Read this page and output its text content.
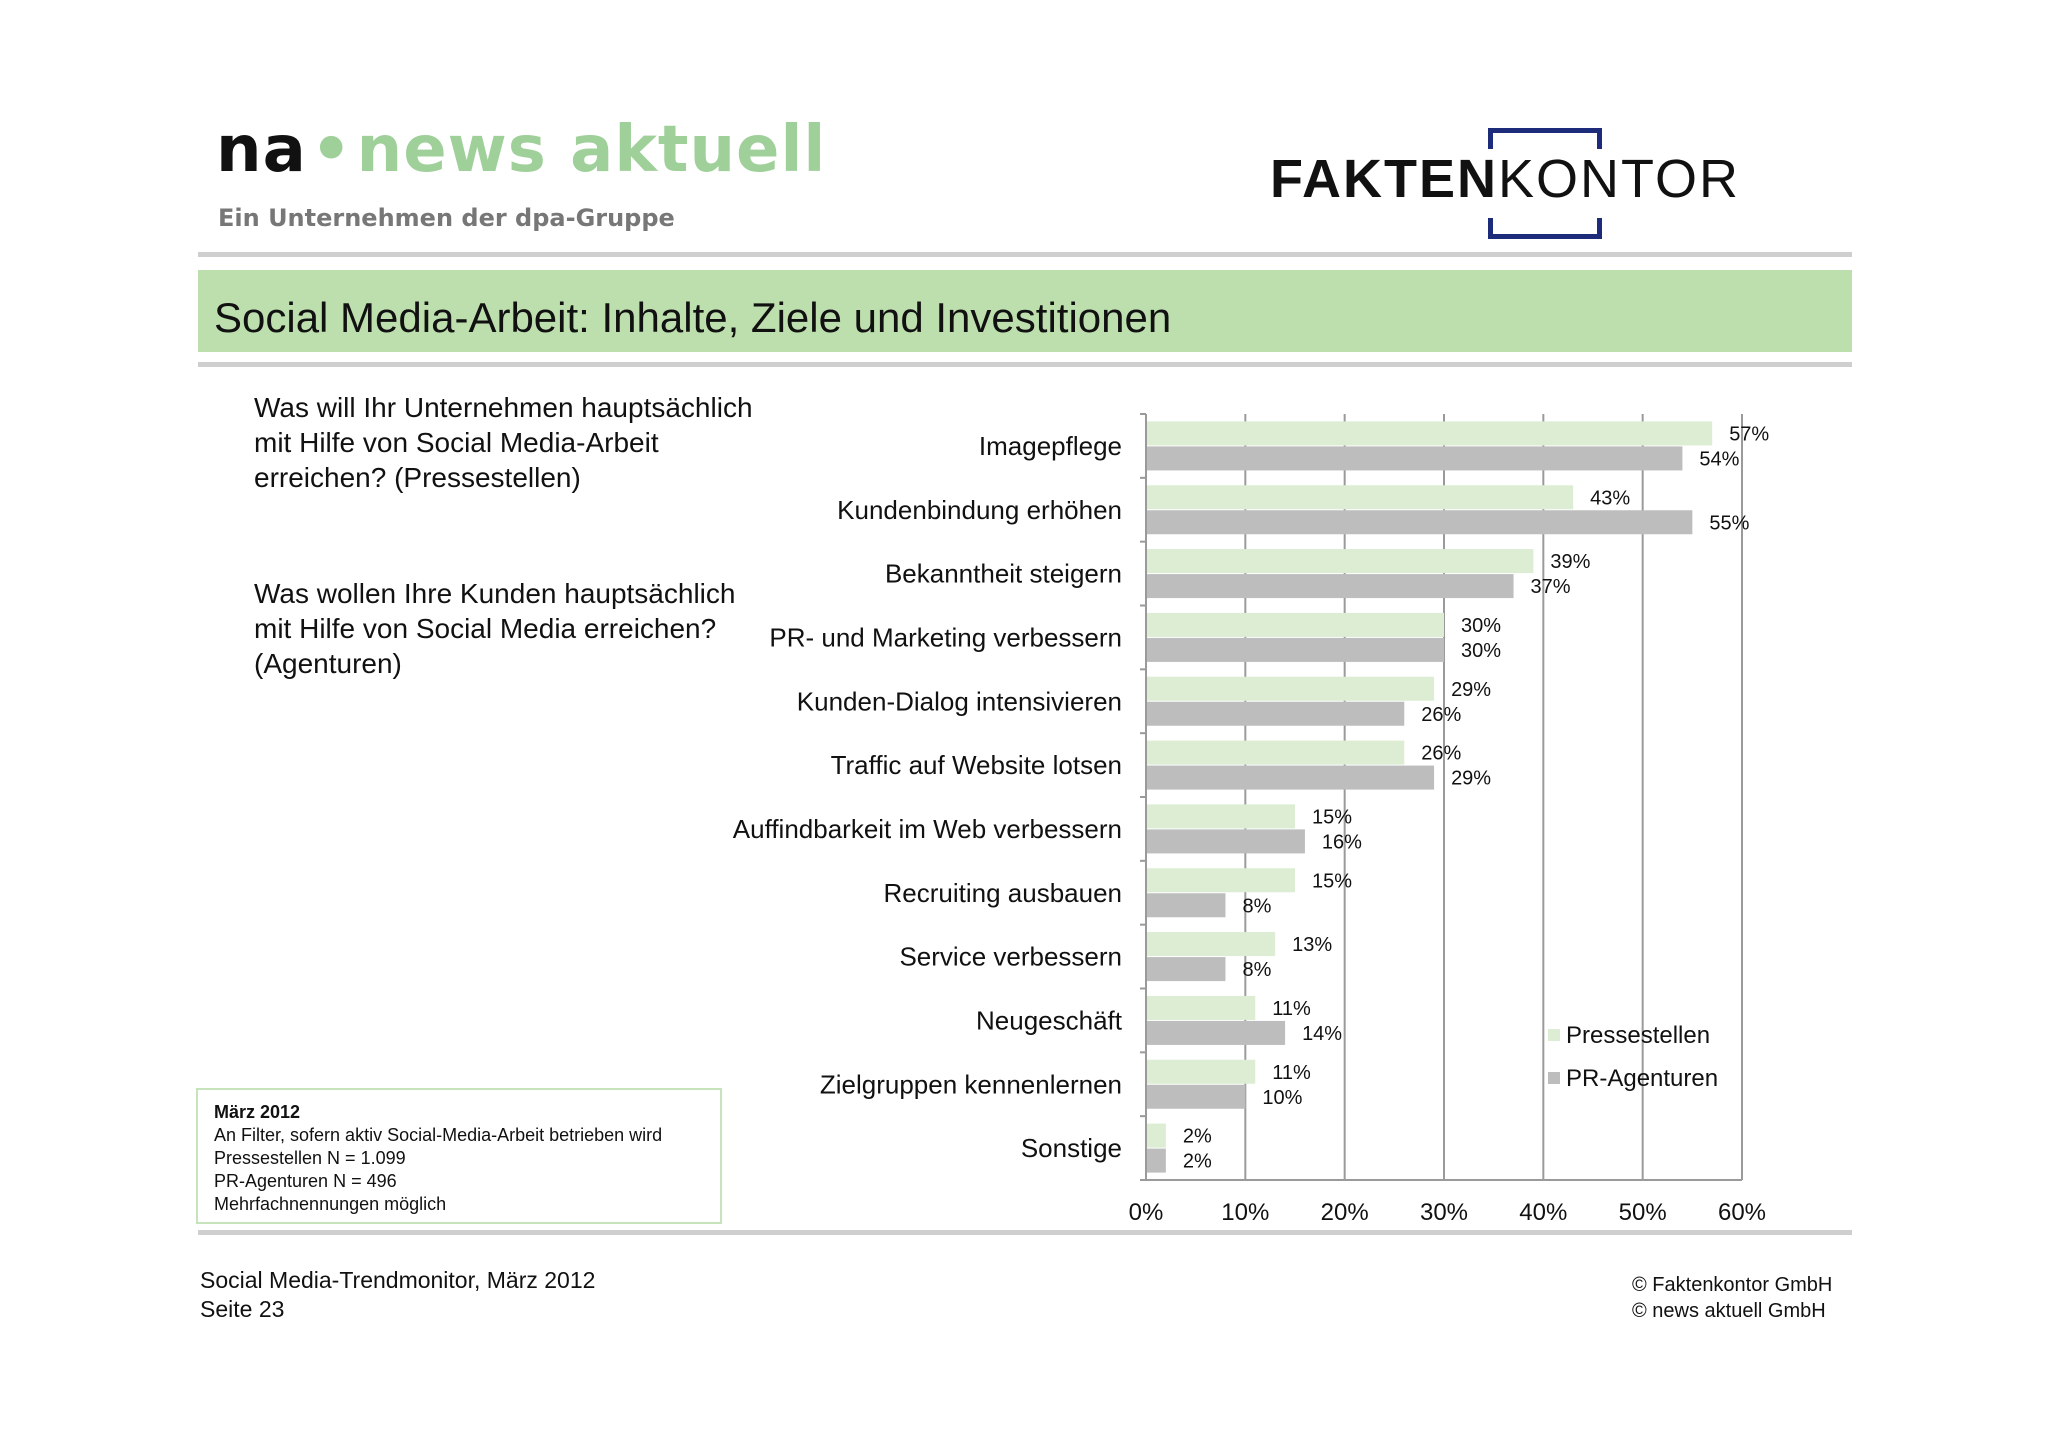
na•news aktuell
Ein Unternehmen der dpa-Gruppe
FAKTENKONTOR
Social Media-Arbeit: Inhalte, Ziele und Investitionen
Was will Ihr Unternehmen hauptsächlich mit Hilfe von Social Media-Arbeit erreichen? (Pressestellen)
Was wollen Ihre Kunden hauptsächlich mit Hilfe von Social Media erreichen? (Agenturen)
0% 10% 20% 30% 40% 50% 60%
Imagepflege	57%
54%
Kundenbindung erhöhen	43%
55%
Bekanntheit steigern	39%
37%
PR- und Marketing verbessern	30%
30%
Kunden-Dialog intensivieren	29%
26%
Traffic auf Website lotsen	26%
29%
Auffindbarkeit im Web verbessern	15%
16%
Recruiting ausbauen	15%
8%
Service verbessern	13%
8%
Neugeschäft	11%
14%
Zielgruppen kennenlernen	11%
10%
Sonstige	2%
2%
Pressestellen
PR-Agenturen
März 2012
An Filter, sofern aktiv Social-Media-Arbeit betrieben wird
Pressestellen N = 1.099
PR-Agenturen N = 496
Mehrfachnennungen möglich
Social Media-Trendmonitor, März 2012
Seite 23
© Faktenkontor GmbH
© news aktuell GmbH
